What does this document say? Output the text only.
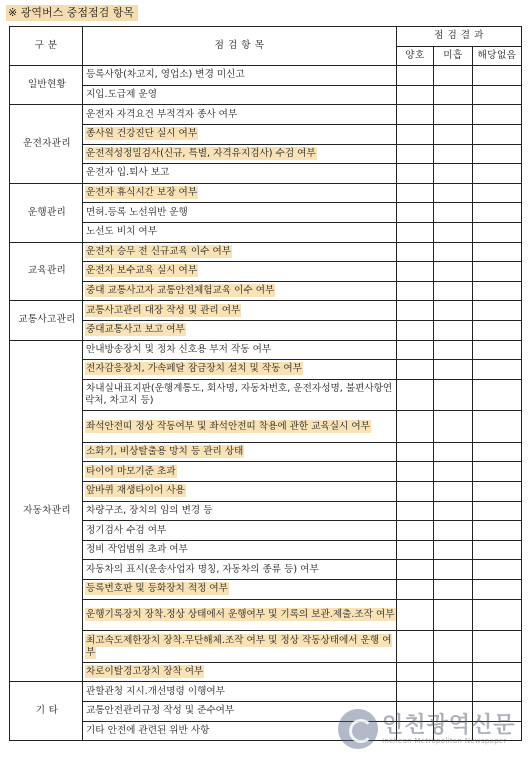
※ 광역버스 중점점검 항목
구 분	점 검 항 목	점 검 결 과		
		양호	미흡	해당없음
일반현황	등록사항(차고지, 영업소) 변경 미신고			
	지입.도급제 운영			
운전자관리	운전자 자격요건 부적격자 종사 여부			
	종사원 건강진단 실시 여부			
	운전적성정밀검사(신규, 특별, 자격유지검사) 수검 여부			
	운전자 입.퇴사 보고			
운행관리	운전자 휴식시간 보장 여부			
	면허.등록 노선위반 운행			
	노선도 비치 여부			
교육관리	운전자 승무 전 신규교육 이수 여부			
	운전자 보수교육 실시 여부			
	중대 교통사고자 교통안전체험교육 이수 여부			
교통사고관리	교통사고관리 대장 작성 및 관리 여부			
	중대교통사고 보고 여부			
자동차관리	안내방송장치 및 정차 신호용 부저 작동 여부			
	전자감응장치, 가속페달 잠금장치 설치 및 작동 여부			
	차내실내표지판(운행계통도, 회사명, 자동차번호, 운전자성명, 불편사항연락처, 차고지 등)			
	좌석안전띠 정상 작동여부 및 좌석안전띠 착용에 관한 교육실시 여부			
	소화기, 비상탈출용 망치 등 관리 상태			
	타이어 마모기준 초과			
	앞바퀴 재생타이어 사용			
	차량구조, 장치의 임의 변경 등			
	정기검사 수검 여부			
	정비 작업범위 초과 여부			
	자동차의 표시(운송사업자 명칭, 자동차의 종류 등) 여부			
	등록번호판 및 등화장치 적정 여부			
	운행기록장치 장착.정상 상태에서 운행여부 및 기록의 보관.제출.조작 여부			
	최고속도제한장치 장착.무단해체.조작 여부 및 정상 작동상태에서 운행 여부			
	차로이탈경고장치 장착 여부			
기 타	관할관청 지시.개선명령 이행여부			
	교통안전관리규정 작성 및 준수여부			
	기타 안전에 관련된 위반 사항				인천광역신문
Incheon Metropolitan Newspaper
